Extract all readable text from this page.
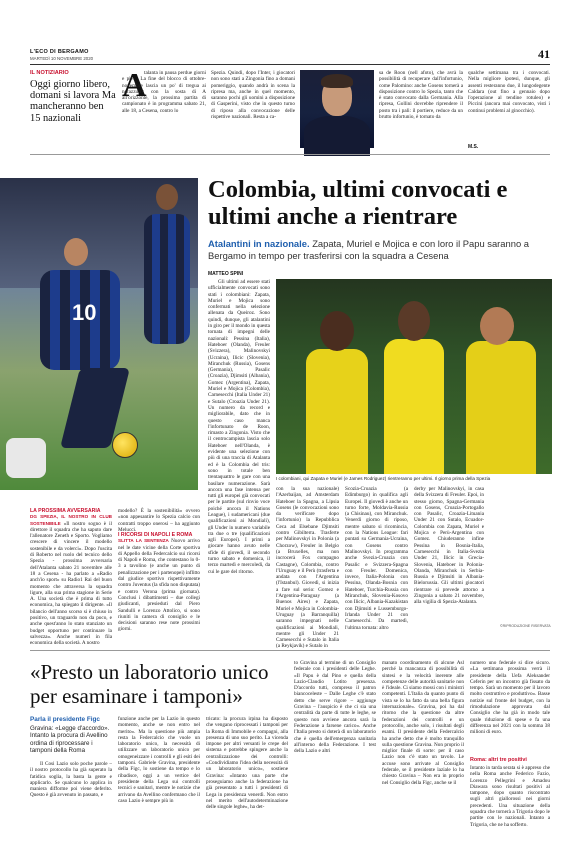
L'ECO DI BERGAMO
MARTEDÌ 10 NOVEMBRE 2020	41
IL NOTIZIARIO
Oggi giorno libero, domani si lavora Ma mancheranno ben 15 nazionali
A
talanta in pausa perdue giorni e piè… La fine del blocco di ottobre-novembre lascia un po' di tregua ai nerazzurri: con la sosta di A all'orizzonte, la prossima partita di campionato è in programma sabato 21, alle 18, a Cesena, contro lo
Spezia. Quindi, dopo l'Inter, i giocatori non sono stati a Zingonia fino a domani pomeriggio, quando andrà in scena la ripresa ma, anche in quel momento, saranno pochi gli uomini a disposizione di Gasperini, visto che in questo turno di riposo alla convocazione delle rispettive nazionali. Resta a ca-
sa de Roon (nell afoto), che avrà la possibilità di recuperare dall'infortunio, come Palomino: anche Gosens tornerà a disposizione contro lo Spezia, tanto che è stato convocato dalla Germania. Alla ripresa, Gollini dovrebbe riprendere il posto tra i pali: il portiere, reduce da un brutto infortunio, è tornato da
qualche settimana tra i convocati. Nella migliore ipotesi, dunque, gli assenti resteranno due, il lungodegente Caldara (out fino a gennaio dopo l'operazione al tendine rotuleo) e Piccini (ancora mai convocato, visti i continui problemi al ginocchio).
M.S.
10
Colombia, ultimi convocati e ultimi anche a rientrare
Atalantini in nazionale. Zapata, Muriel e Mojica e con loro il Papu saranno a Bergamo in tempo per trasferirsi con la squadra a Cesena
MATTEO SPINI
Gli ultimi ad essere stati ufficialmente convocati sono stati i colombiani: Zapata, Muriel e Mojica sono confermati nella selezione allenata da Queiroz. Sono quindi, dunque, gli atalantini in giro per il mondo in questa tornata di impegni delle nazionali: Pessina (Italia), Hateboer (Olanda), Freuler (Svizzera), Malinovskyi (Ucraina), Ilicic (Slovenia), Miranchuk (Russia), Gosens (Germania), Pasalic (Croazia), Djimsiti (Albania), Gomez (Argentina), Zapata, Muriel e Mojica (Colombia), Carnesecchi (Italia Under 21) e Sutalo (Croazia Under 21). Un numero da record e migliorabile, dato che in questo caso manca l'infortunato de Roon, rimasto a Zingonia. Visto che il centrocampista lascia solo Hateboer nell'Olanda, è evidente una selezione con più di una traccia di Atalanta ed è la Colombia del tris: sono in totale ben trentaquattro le gare con una basilare numerazione. Sarà ancora una fase intensa per tutti gli europei già convocati per le partite (sul rinvio voce poiché ancora il Nations League), i sudamericani (due qualificazioni ai Mondiali), gli Under in numero variabile tra due o tre (qualificazioni agli Europei). I primi a giocare hanno avuto nelle sfide di giovedì, il secondo turno sabato e domenica, il terzo martedì e mercoledì, da cui le gare del ritorno.
I colombiani, qui Zapata e Muriel (e James Rodriguez) rientreranno per ultimi. Il giorno prima della Spezia
con la sua nazionale) l'Azerbaijan, ad Amsterdam Hateboer la Spagna, a Lipsia Gosens (le convocazioni sono da verificare dopo l'infortunio) la Repubblica Ceca ad Elsebane Djimsiti contro Gibilterra. Trasferte per Malinovskyi in Polonia (a Chorzow), Freuler in Belgio (a Bruxelles, ma non incrocerà Fox compagno Castagne), Colombia, contro l'Uruguay e il Perù (trasferta e andata con l'Argentina (l'Istanbul). Giovedì, si inizia a fare sul serio: Gomez e l'Argentina-Paraguay (a Buenos Aires) e Zapata, Muriel e Mojica in Colombia-Uruguay (a Barranquilla) saranno impegnati nelle qualificazioni ai Mondiali, mentre gli Under 21 Carnesecchi e Sutalo in Italia (a Reykjavik) e Sutalo in
Scozia-Croazia (a Edimburgo) in qualifica agli Europei. Il giovedì è anche un turno forte, Moldavia-Russia (a Chisinau), con Miranchuk. Venerdì giorno di riposo, mentre sabato si ricomincia, con la Nations League: fari puntati su Germania-Ucraina, con Gosens contro Malinovskyi. In programma anche Svezia-Croazia con Pasalic e Svizzera-Spagna con Freuler. Domenica, invece, Italia-Polonia con Pessina, Olanda-Bosnia con Hateboer, Turchia-Russia con Miranchuk, Slovenia-Kosovo con Ilicic, Albania-Kazakistan con Djimsiti e Lussemburgo-Irlanda Under 21 con Carnesecchi. Da martedì, l'ultima tornata: altro
derby per Malinovskyi, in casa della Svizzera di Freuler. Epoi, in stesso giorno, Spagna-Germania con Gosens, Croazia-Portogallo con Pasalic, Croazia-Lituania Under 21 con Sutalo, Ecuador-Colombia con Zapata, Muriel e Mojica e Perù-Argentina con Gomez. Chiuderanno infine Pessina in Bosnia-Italia, Carnesecchi in Italia-Svezia Under 21, Ilicic in Grecia-Slovenia, Hateboer in Polonia-Olanda, Miranchuk in Serbia-Russia e Djimsiti in Albania-Bielorussia. Gli ultimi giocatori rientrare si prevede attorno a Zingonia a sabato 21 novembre, alla vigilia di Spezia-Atalanta.
©RIPRODUZIONE RISERVATA
LA PROSSIMA AVVERSARIA
DG SPEZIA, IL NOSTRO IN CLUB SOSTENIBILE «Il nostro sogno è il direttore il squadra che ha saputo dare l'allenatore Zeneth e Sporto. Vogliamo crescere di vincere il modello sostenibile e da volerci». Dopo l'uscita di Roberto nel ruolo del tecnico dello Spezia - prossima avversaria dell'Atalanta sabato 21 novembre alle 18 a Cesena - ha parlato a «Radio anch'io sport» su Radio1 Rai del buon momento che attraversa la squadra ligure, alla sua prima stagione in Serie A. Una società che è prima di tutto economica, ha spiegato il dirigente. «Il bilancio dell'anno scorso si è chiuso in positivo, un traguardo non da poco, e anche quest'anno lo stato stanziato un budget opportuno per continuare la salvezza». Anche numeri in fila economica della società. A nostro
modello? È la sostenibilità» ovvero «non appesantire lo Spezia calcio con contratti troppo onerosi – ha aggiunto Melucci.
I RICORSI DI NAPOLI E ROMA
SLITTA LA SENTENZA Nuovo arrivo nel le date vicine della Corte sportiva di Appello della Federcalcio sui ricorsi di Napoli e Roma, che contestano lo 0-3 a tavolino (e anche un punto di penalizzazione per i partenopei) inflitto dal giudice sportivo rispettivamente contro Juventus (la sfida non disputata) e contro Verona (prima giornata). Conclusi i dibattimenti – due collegi giudicanti, presieduti dal Piero Sandulli e Lorenzo Attolico, si sono riuniti in camera di consiglio e le decisioni saranno rese note prossimi giorni.
«Presto un laboratorio unico per esaminare i tamponi»
Parla il presidente Figc
Gravina: «Legge d'accordo». Intanto la procura di Avellino ordina di riprocessare i tamponi della Roma
Il Cosi Lazio solo poche parole – il nostro protocollo ha già superato la fatidica soglia, la basta la gente e applicarlo. Se qualcuno lo applica in maniera difforme poi viene deferito. Questo è già avvenuto in passato, e
funzione anche per la Lazio in questo momento, anche se non entro nel merito». Ma la questione più ampia resta la Federcalcio che vuole un laboratorio unico, la necessità di utilizzare un laboratorio unico per omogeneizzare i controlli e gli esiti dei tamponi. Gabriele Gravina, presidente della Figc, lo sostiene da tempo e lo ribadisce, oggi a un vertice del presidente della Lega sui controlli tecnici e sanitari, mentre le notizie che arrivano da Avellino confermano che il caso Lazio è sempre più in
tricato: la procura irpina ha disposto che vengano riprocessati i tamponi per la Roma di Immobile e compagni, alla presenza di uno suo perito. La vicenda impone per altri versanti le crepe del sistema e potrebbe spingere anche la centralizzazione dei controlli: «Condividiamo l'idea della necessità di un laboratorio unico», sostiene Gravina: «Intanto una parte che proseguiamo anche la federazione ha già presentato a tutti i presidenti di Lega in presidenza venerdì. Non entro nel merito dell'autodeterminazione delle singole leghe», ha det-
to Gravina al termine di un Consiglio federale con i presidenti delle Leghe. «Il Papu è dal Pino e quella della Lazio-Claudio Lotito presenza. D'accordo tutti, compreso il patron biancoceleste – Dalle Leghe c'è stato detto che serve rigore – aggiunge Gravina – l'auspicio è che ci sia una centralità da parte di tutte le leghe, se questo non avviene ancora sarà la Federazione a farsene carico». Anche l'Italia presto si doterà di un laboratorio che è quella dell'emergenza sanitaria all'interno della Federazione. I test della Lazio e altri
manato coordinamento di alcune Asl perché la mancanza di possibilità di sintesi e la velocità inerente alle competenze delle autorità sanitarie non è l'ideale. Ci siamo mossi con i ministri competenti. L'Italia da quanto punto di vista se lo ha fatto da una bella figura internazionale». Gravina, poi ha dal ritorno che la questione da altre federazioni dei controlli e un protocollo, anche solo, i risultati degli esami. Il presidente della Federcalcio ha anche detto che è molto tranquillo sulla questione Gravina. Non proprio il miglior finale di sorte: per il caso Lazio non c'è stato un tavolo. Le accuse sono arrivate al Consiglio federale, se il presidente laziale lo ha chiesto Gravina – Non era in proprio nel Consiglio della Figc, anche se il
numero uno federale si dice sicuro. «La settimana prossima verrà il presidente della Uefa Aleksander Ceferin per un incontro già fissato da tempo. Sarà un momento per il lavoro molto costruttivo e produttivo». Basse notizie sul fronte del budget, con la rimodulazione approvata dal Consiglio che ha già in modo tale quale riduzione di spese e fa una differenza nel 2021 con la somma 38 milioni di euro.
Roma: altri tre positivi
Intanto in tarda serata si è appreso che nella Roma anche Federico Fazio, Lorenzo Pellegrini e Amadou Diawara sono risultati positivi al tampone, dopo quanto riscontrato sugli altri giallorossi nei giorni precedenti. Una situazione della squadra che tornerà a Trigoria dopo le partite con le nazionali. Intanto a Trigoria, che ne ha sofferto.
